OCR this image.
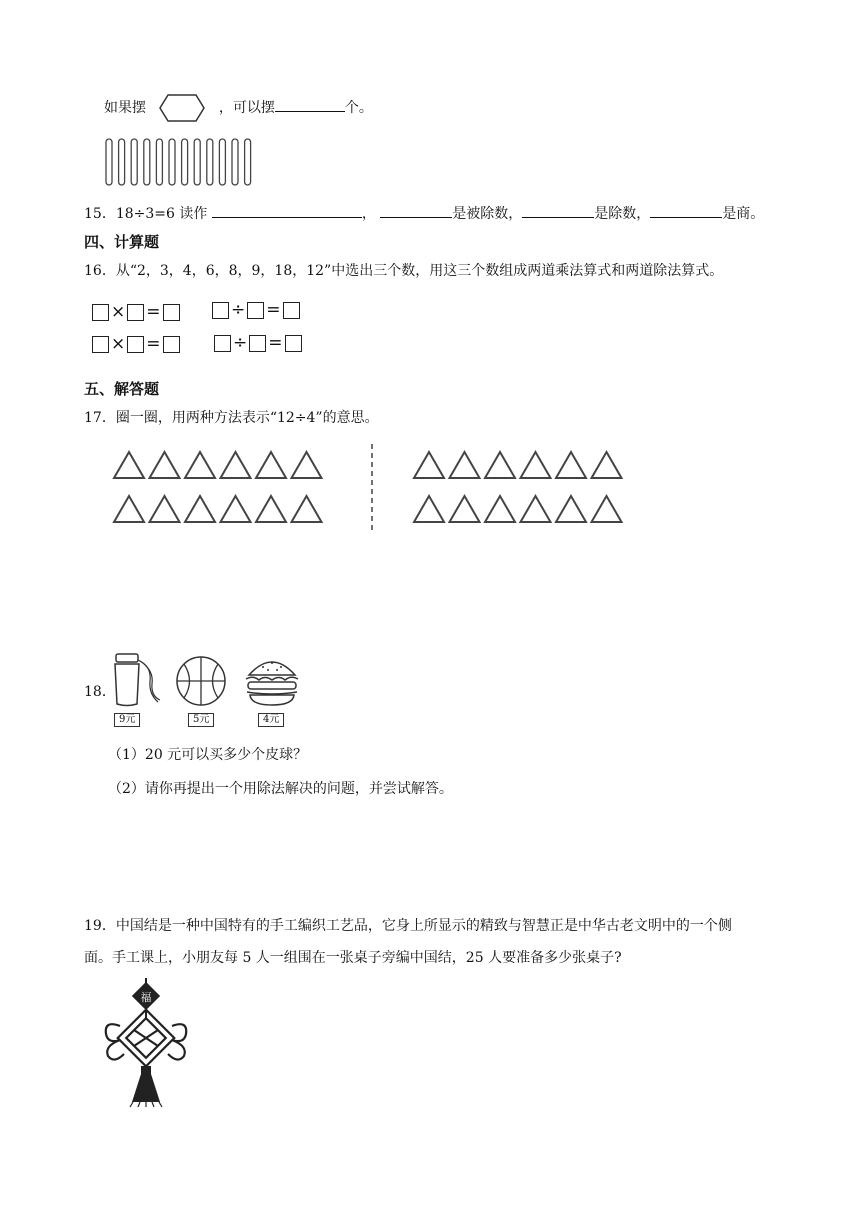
如果摆	，可以摆	个。
15．18÷3=6 读作	，	是被除数，	是除数，	是商。
四、计算题
16．从“2，3，4，6，8，9，18，12”中选出三个数，用这三个数组成两道乘法算式和两道除法算式。
× =	÷ =
× =	÷ =
五、解答题
17．圈一圈，用两种方法表示“12÷4”的意思。
18．
9元	5元	4元
（1）20 元可以买多少个皮球？
（2）请你再提出一个用除法解决的问题，并尝试解答。
19．中国结是一种中国特有的手工编织工艺品，它身上所显示的精致与智慧正是中华古老文明中的一个侧
面。手工课上，小朋友每 5 人一组围在一张桌子旁编中国结，25 人要准备多少张桌子?
福
